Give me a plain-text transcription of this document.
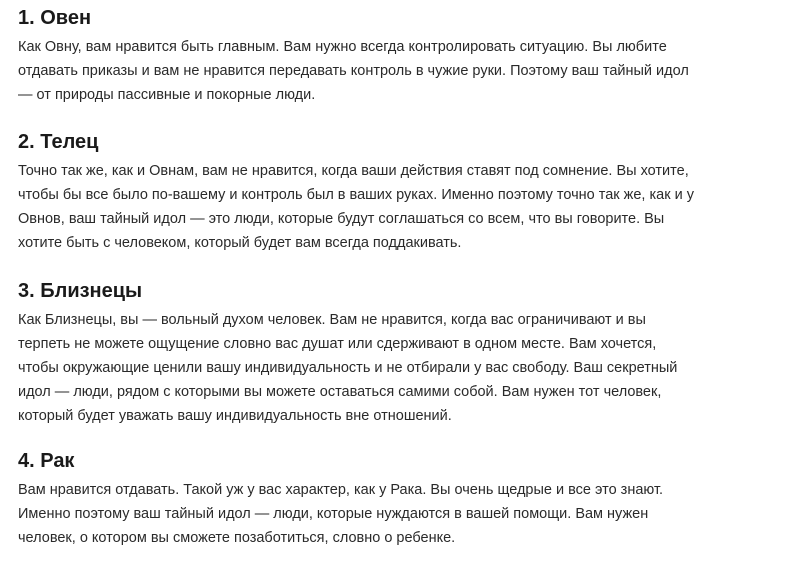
1. Овен

Как Овну, вам нравится быть главным. Вам нужно всегда контролировать ситуацию. Вы любите
отдавать приказы и вам не нравится передавать контроль в чужие руки. Поэтому ваш тайный идол
— от природы пассивные и покорные люди.

2. Телец

Точно так же, как и Овнам, вам не нравится, когда ваши действия ставят под сомнение. Вы хотите,
чтобы бы все было по-вашему и контроль был в ваших руках. Именно поэтому точно так же, как и у
Овнов, ваш тайный идол — это люди, которые будут соглашаться со всем, что вы говорите. Вы
хотите быть с человеком, который будет вам всегда поддакивать.

3. Близнецы

Как Близнецы, вы — вольный духом человек. Вам не нравится, когда вас ограничивают и вы
терпеть не можете ощущение словно вас душат или сдерживают в одном месте. Вам хочется,
чтобы окружающие ценили вашу индивидуальность и не отбирали у вас свободу. Ваш секретный
идол — люди, рядом с которыми вы можете оставаться самими собой. Вам нужен тот человек,
который будет уважать вашу индивидуальность вне отношений.

4. Рак

Вам нравится отдавать. Такой уж у вас характер, как у Рака. Вы очень щедрые и все это знают.
Именно поэтому ваш тайный идол — люди, которые нуждаются в вашей помощи. Вам нужен
человек, о котором вы сможете позаботиться, словно о ребенке.
